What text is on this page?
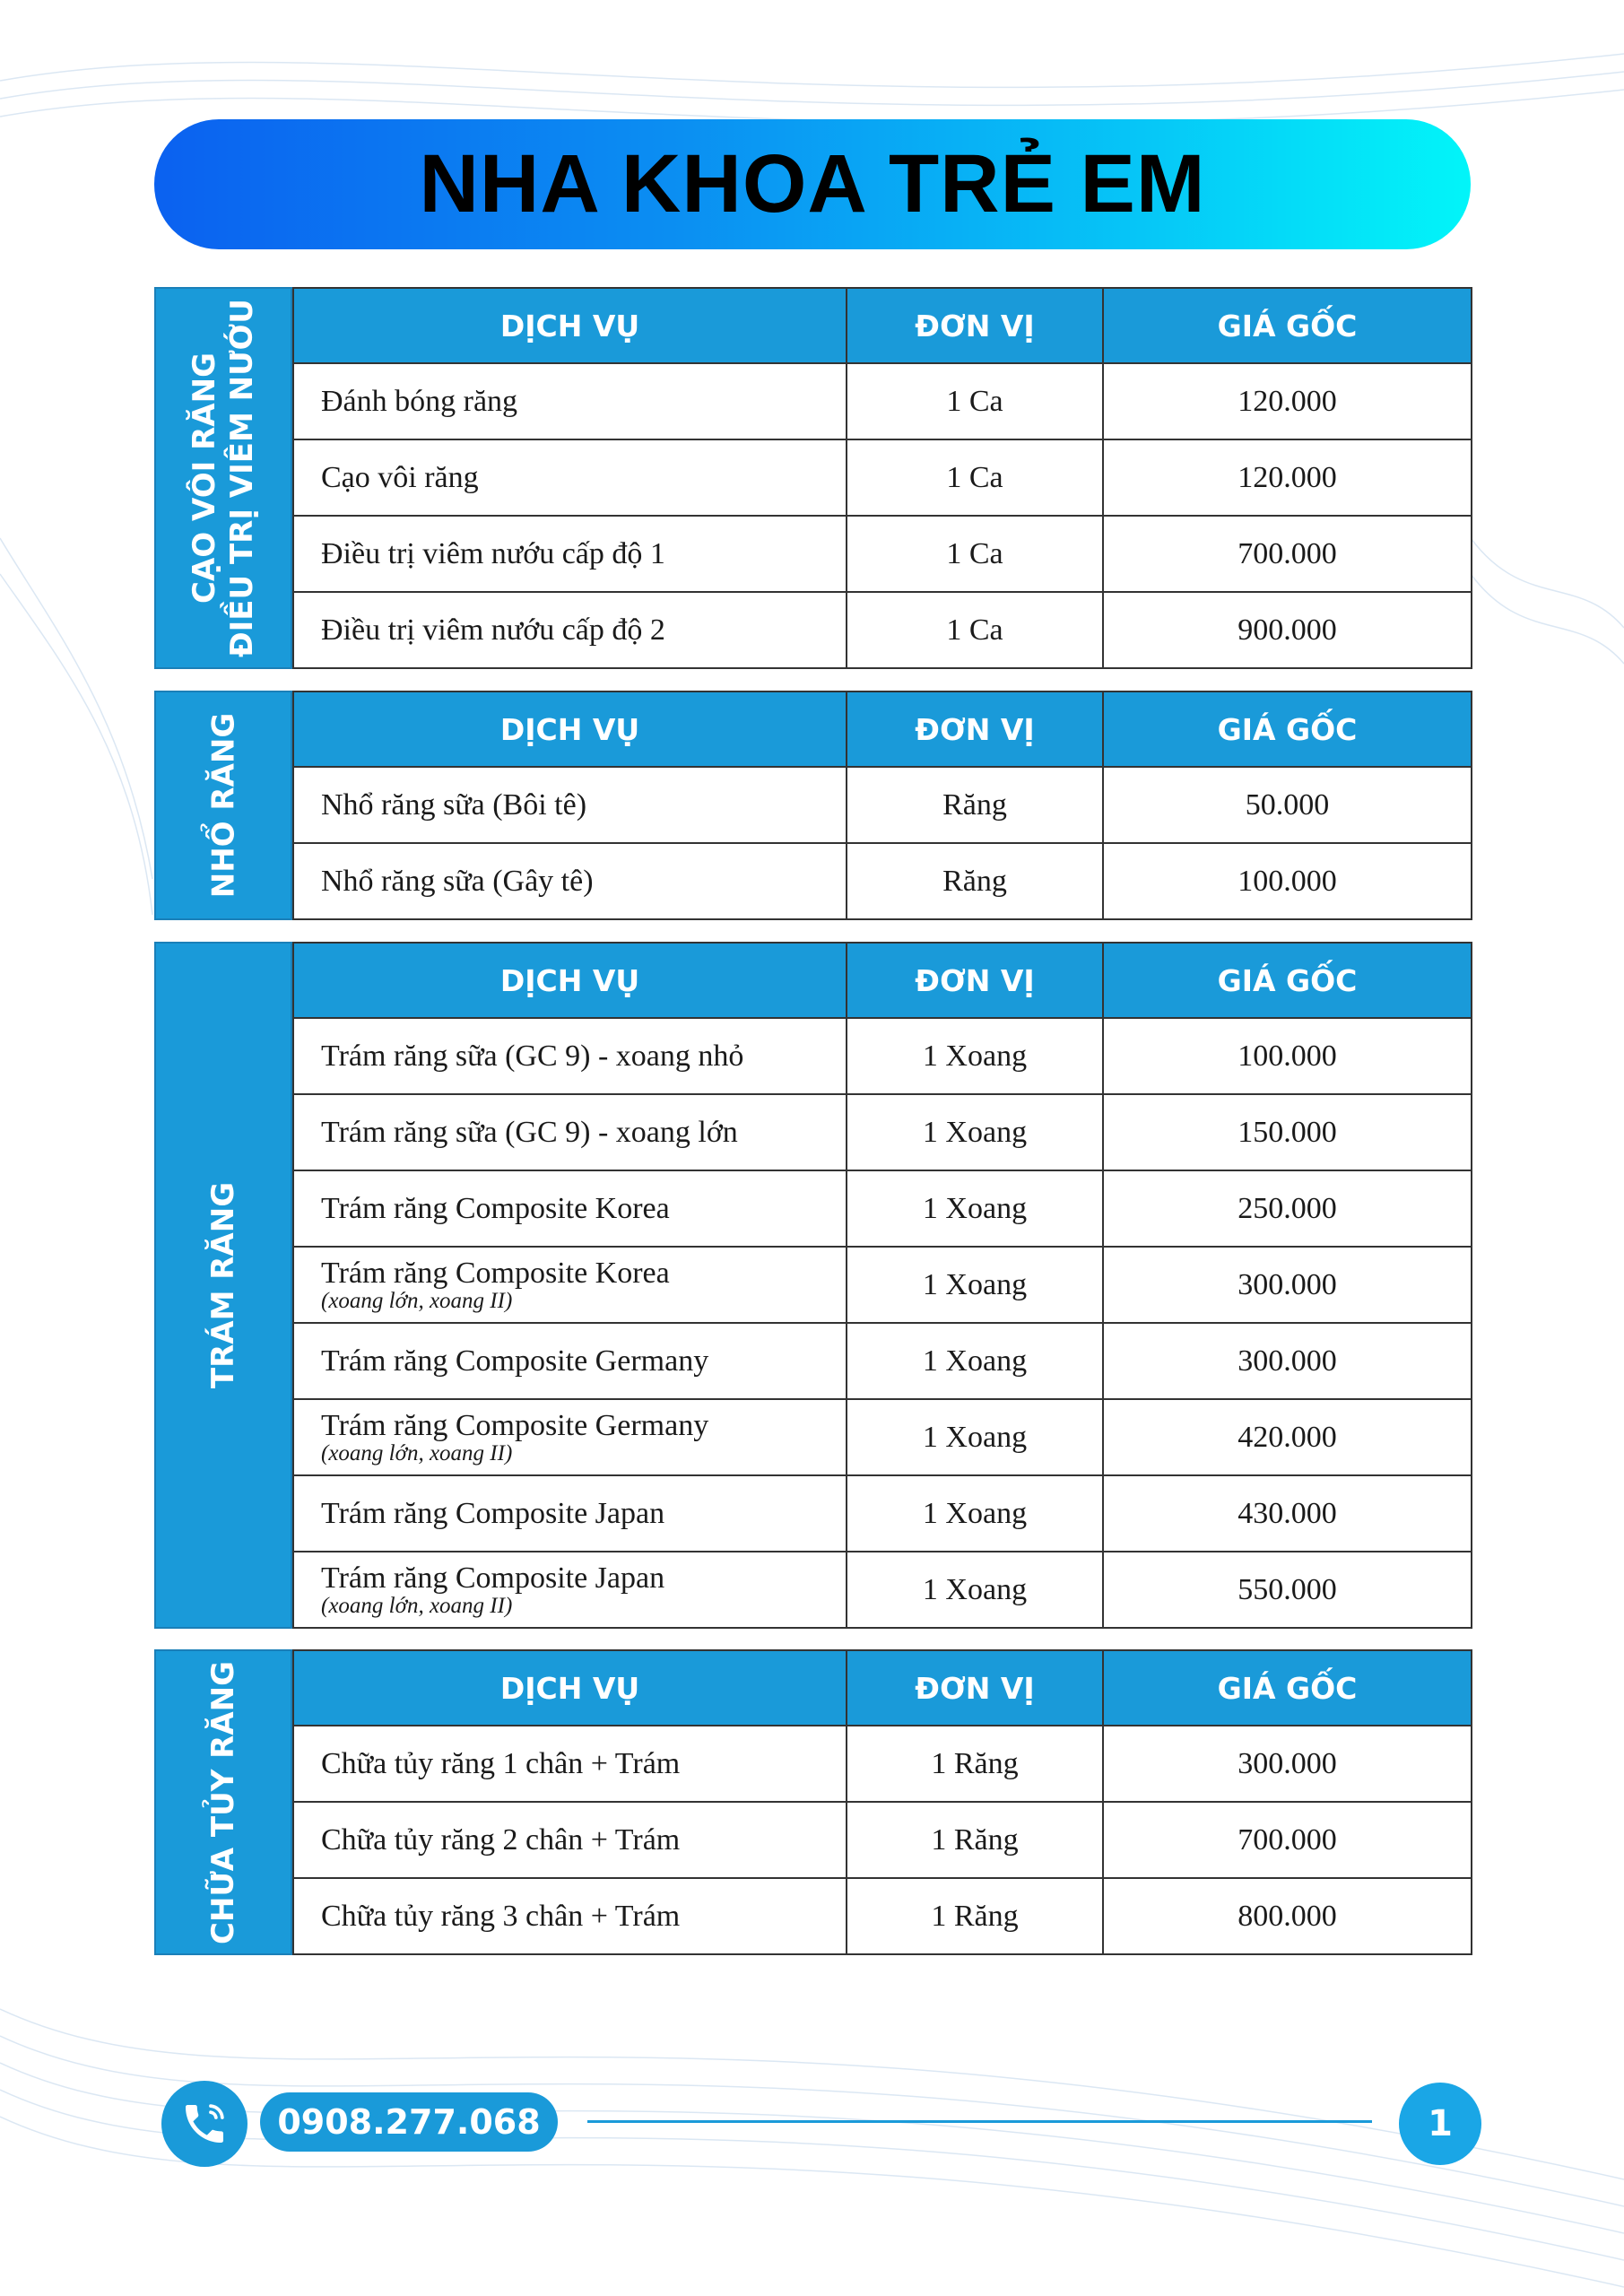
NHA KHOA TRẺ EM
CẠO VÔI RĂNG ĐIỀU TRỊ VIÊM NƯỚU	DỊCH VỤ	ĐƠN VỊ	GIÁ GỐC
Đánh bóng răng	1 Ca	120.000
Cạo vôi răng	1 Ca	120.000
Điều trị viêm nướu cấp độ 1	1 Ca	700.000
Điều trị viêm nướu cấp độ 2	1 Ca	900.000
NHỔ RĂNG	DỊCH VỤ	ĐƠN VỊ	GIÁ GỐC
Nhổ răng sữa (Bôi tê)	Răng	50.000
Nhổ răng sữa (Gây tê)	Răng	100.000
TRÁM RĂNG
DỊCH VỤ	ĐƠN VỊ	GIÁ GỐC
Trám răng sữa (GC 9) - xoang nhỏ	1 Xoang	100.000
Trám răng sữa (GC 9) - xoang lớn	1 Xoang	150.000
Trám răng Composite Korea	1 Xoang	250.000
Trám răng Composite Korea
(xoang lớn, xoang II)	1 Xoang	300.000
Trám răng Composite Germany	1 Xoang	300.000
Trám răng Composite Germany
(xoang lớn, xoang II)	1 Xoang	420.000
Trám răng Composite Japan	1 Xoang	430.000
Trám răng Composite Japan
(xoang lớn, xoang II)	1 Xoang	550.000
CHỮA TỦY RĂNG	DỊCH VỤ	ĐƠN VỊ	GIÁ GỐC
Chữa tủy răng 1 chân + Trám	1 Răng	300.000
Chữa tủy răng 2 chân + Trám	1 Răng	700.000
Chữa tủy răng 3 chân + Trám	1 Răng	800.000
0908.277.068	1
